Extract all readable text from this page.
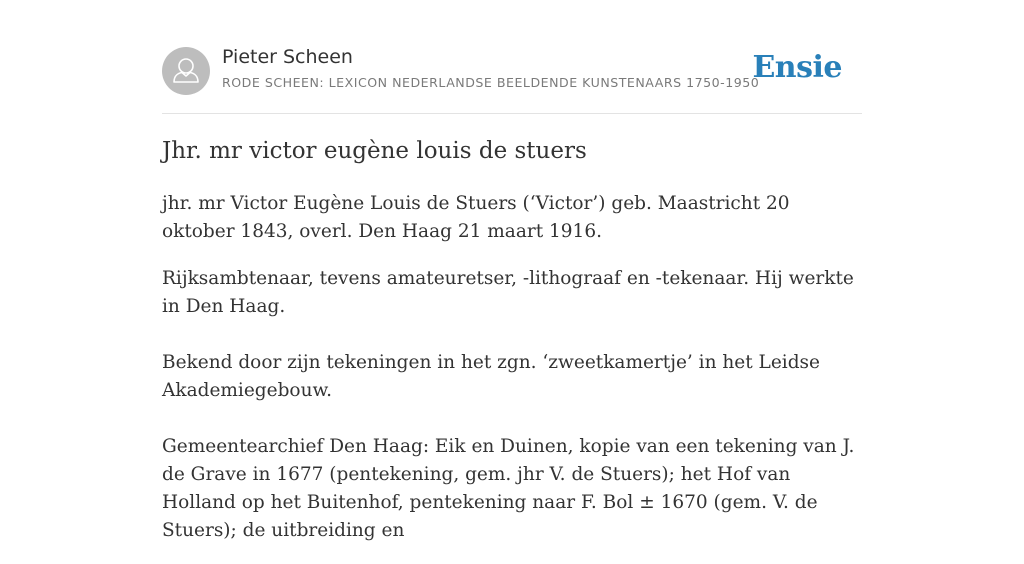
Pieter Scheen
RODE SCHEEN: LEXICON NEDERLANDSE BEELDENDE KUNSTENAARS 1750-1950
Ensie
Jhr. mr victor eugène louis de stuers

jhr. mr Victor Eugène Louis de Stuers (‘Victor’) geb. Maastricht 20 oktober 1843, overl. Den Haag 21 maart 1916.

Rijksambtenaar, tevens amateuretser, -lithograaf en -tekenaar. Hij werkte in Den Haag.

Bekend door zijn tekeningen in het zgn. ‘zweetkamertje’ in het Leidse Akademiegebouw.

Gemeentearchief Den Haag: Eik en Duinen, kopie van een tekening van J. de Grave in 1677 (pentekening, gem. jhr V. de Stuers); het Hof van Holland op het Buitenhof, pentekening naar F. Bol ± 1670 (gem. V. de Stuers); de uitbreiding en
